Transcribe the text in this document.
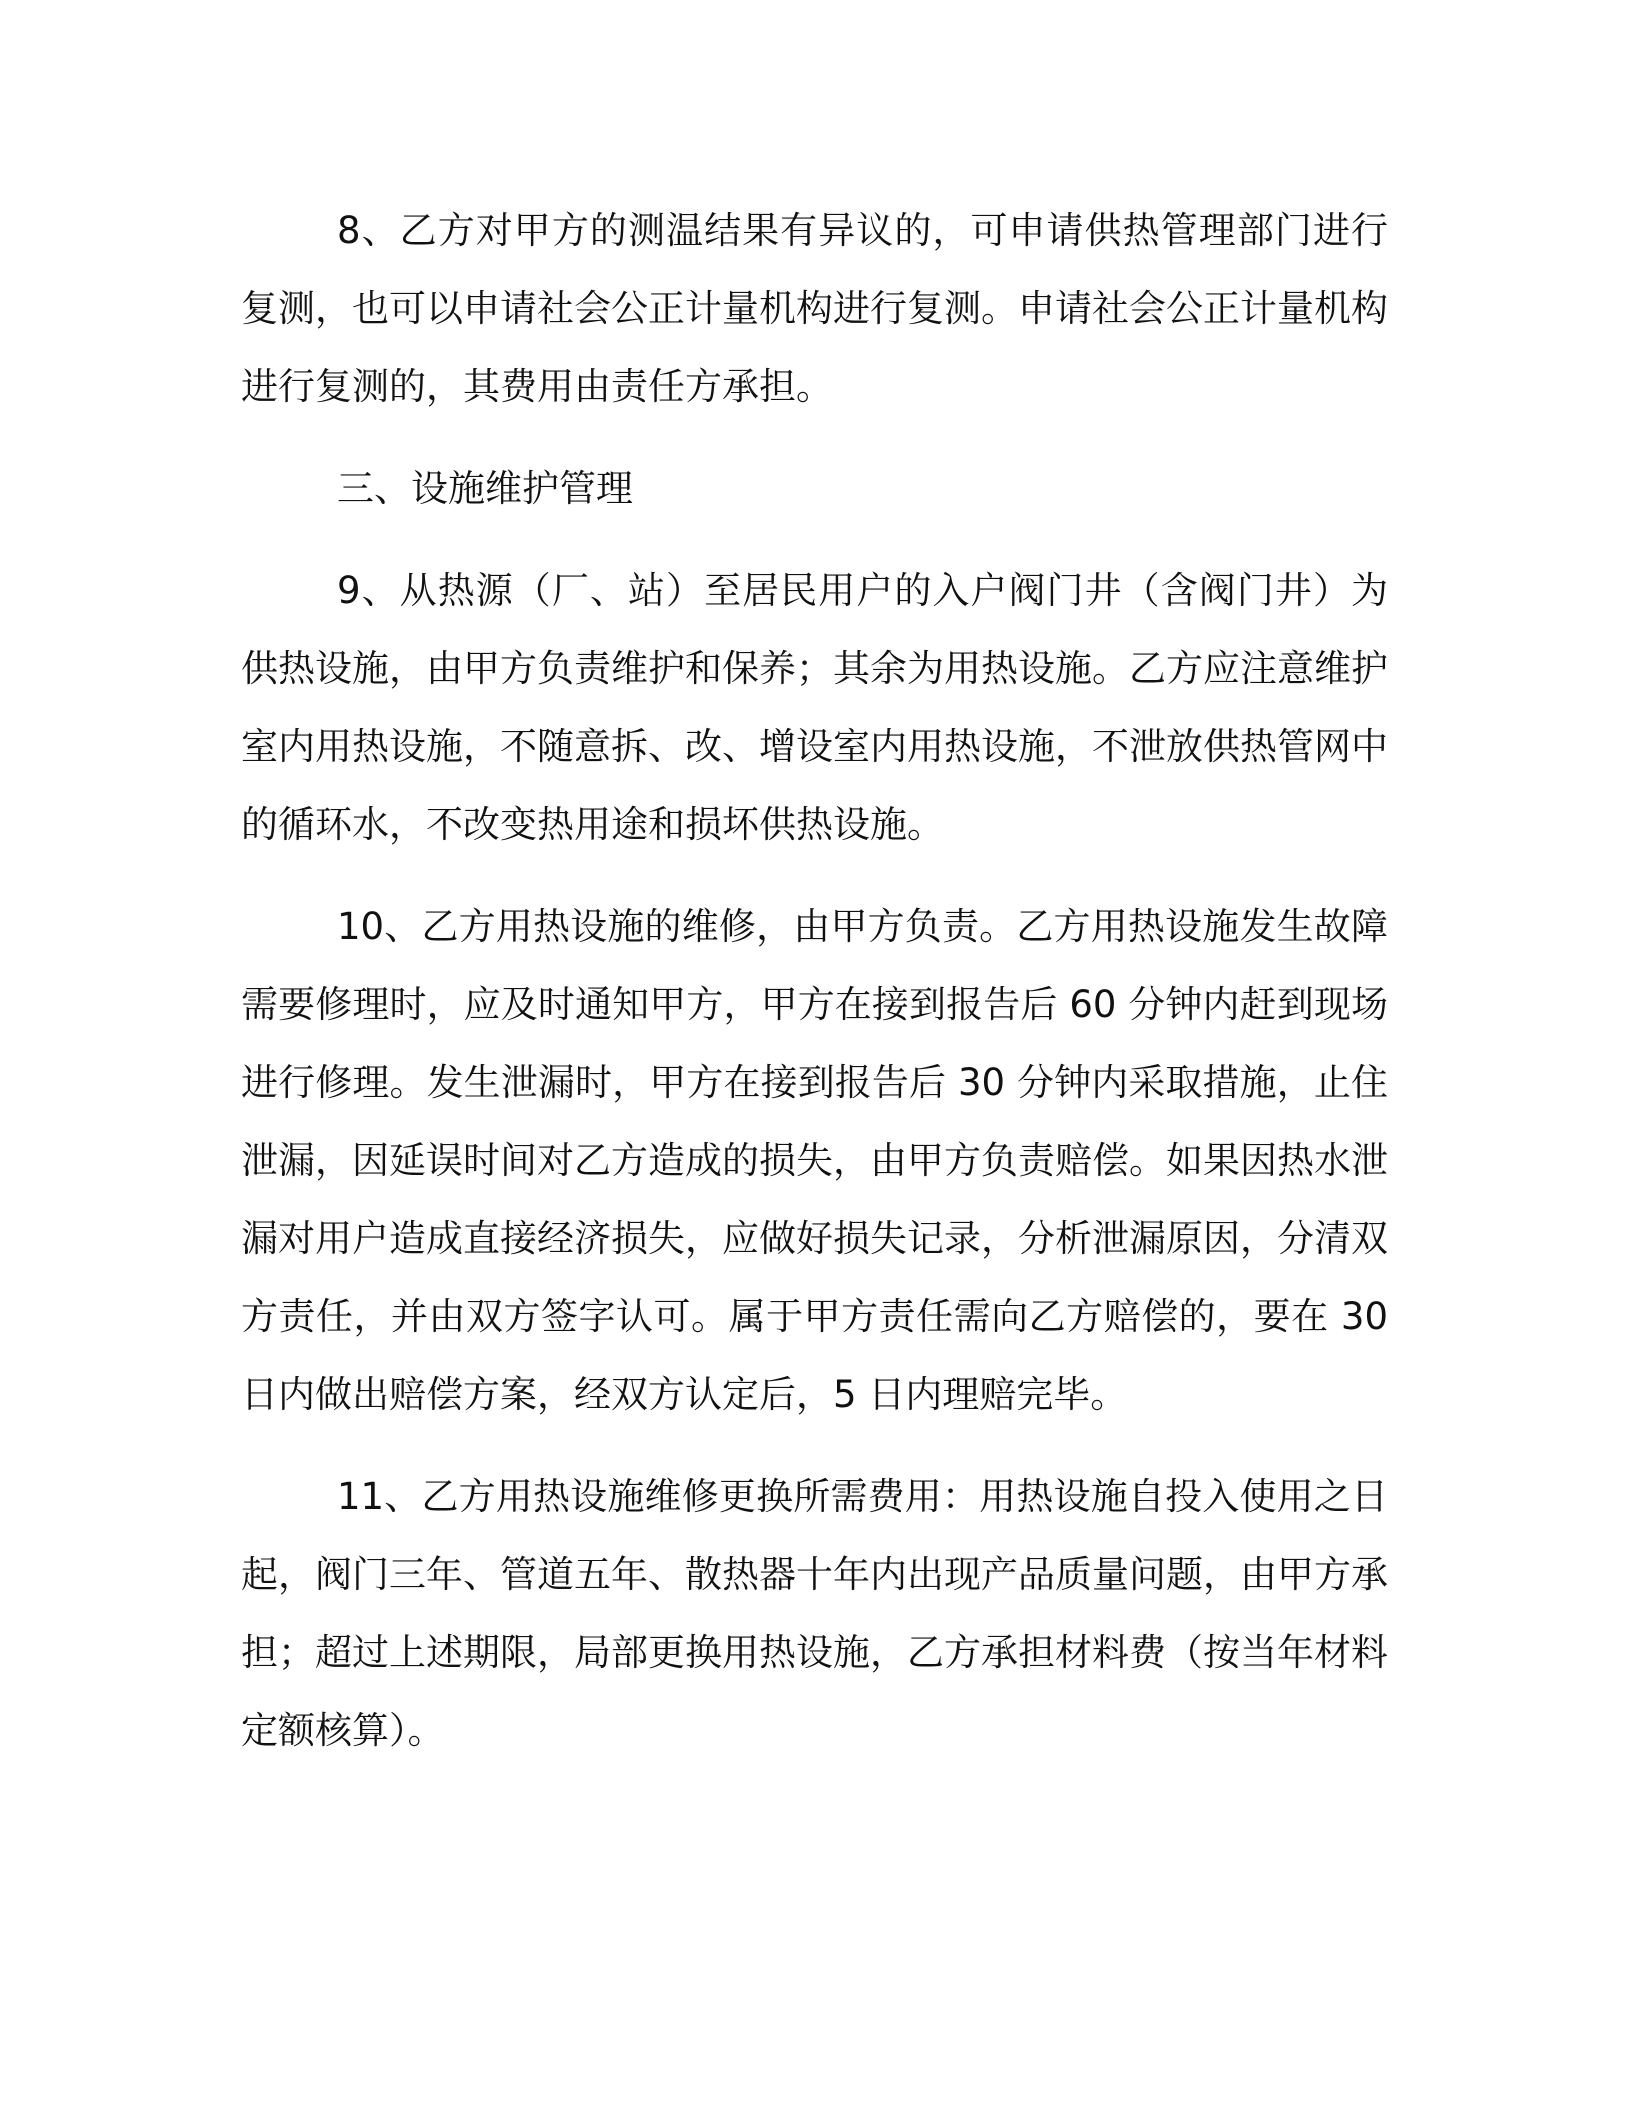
8、乙方对甲方的测温结果有异议的，可申请供热管理部门进行复测，也可以申请社会公正计量机构进行复测。申请社会公正计量机构进行复测的，其费用由责任方承担。

三、设施维护管理

9、从热源（厂、站）至居民用户的入户阀门井（含阀门井）为供热设施，由甲方负责维护和保养；其余为用热设施。乙方应注意维护室内用热设施，不随意拆、改、增设室内用热设施，不泄放供热管网中的循环水，不改变热用途和损坏供热设施。

10、乙方用热设施的维修，由甲方负责。乙方用热设施发生故障需要修理时，应及时通知甲方，甲方在接到报告后 60 分钟内赶到现场进行修理。发生泄漏时，甲方在接到报告后 30 分钟内采取措施，止住泄漏，因延误时间对乙方造成的损失，由甲方负责赔偿。如果因热水泄漏对用户造成直接经济损失，应做好损失记录，分析泄漏原因，分清双方责任，并由双方签字认可。属于甲方责任需向乙方赔偿的，要在 30 日内做出赔偿方案，经双方认定后，5 日内理赔完毕。

11、乙方用热设施维修更换所需费用：用热设施自投入使用之日起，阀门三年、管道五年、散热器十年内出现产品质量问题，由甲方承担；超过上述期限，局部更换用热设施，乙方承担材料费（按当年材料定额核算）。
